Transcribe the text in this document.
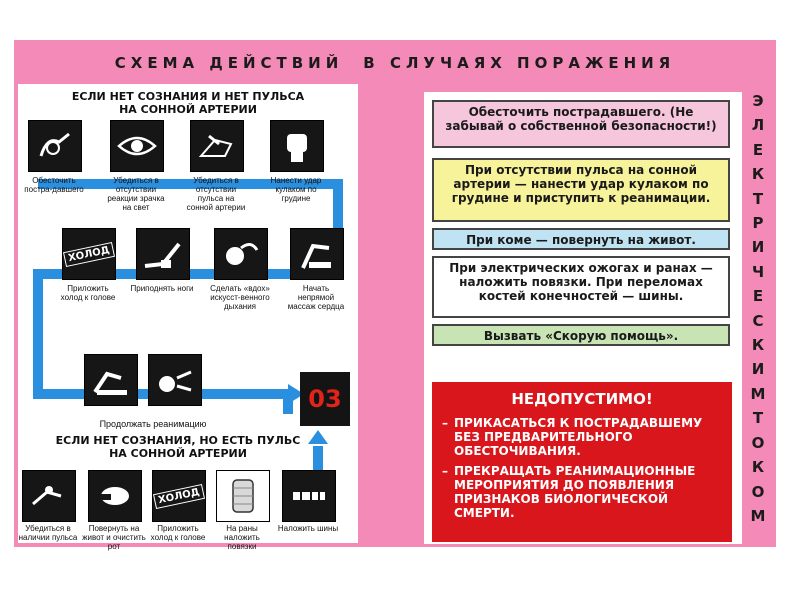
СХЕМА ДЕЙСТВИЙ В СЛУЧАЯХ ПОРАЖЕНИЯ
ЕСЛИ НЕТ СОЗНАНИЯ И НЕТ ПУЛЬСА
НА СОННОЙ АРТЕРИИ
Обесточить постра-давшего
Убедиться в отсутствии реакции зрачка на свет
Убедиться в отсутствии пульса на сонной артерии
Нанести удар кулаком по грудине
ХОЛОД
Приложить холод к голове
Приподнять ноги Сделать «вдох» искусст-венного дыхания
Начать непрямой массаж сердца
03
Продолжать реанимацию
ЕСЛИ НЕТ СОЗНАНИЯ, НО ЕСТЬ ПУЛЬС
НА СОННОЙ АРТЕРИИ
Убедиться в наличии пульса
Повернуть на живот и очистить рот
ХОЛОД
Приложить холод к голове
На раны наложить повязки
Наложить шины
Обесточить пострадавшего. (Не забывай о собственной безопасности!)
При отсутствии пульса на сонной артерии — нанести удар кулаком по грудине и приступить к реанимации.
При коме — повернуть на живот.
При электрических ожогах и ранах — наложить повязки. При переломах костей конечностей — шины.
Вызвать «Скорую помощь».
НЕДОПУСТИМО!
– ПРИКАСАТЬСЯ К ПОСТРАДАВШЕМУ БЕЗ ПРЕДВАРИТЕЛЬНОГО ОБЕСТОЧИВАНИЯ.
– ПРЕКРАЩАТЬ РЕАНИМАЦИОННЫЕ МЕРОПРИЯТИЯ ДО ПОЯВЛЕНИЯ ПРИЗНАКОВ БИОЛОГИЧЕСКОЙ СМЕРТИ.
Э
Л
Е
К
Т
Р
И
Ч
Е
С
К
И
М
Т
О
К
О
М
